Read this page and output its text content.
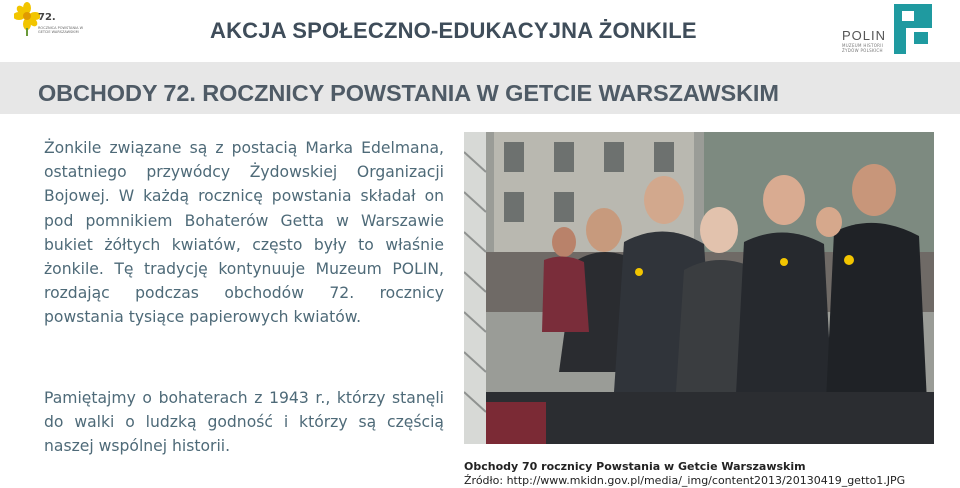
72.
ROCZNICA POWSTANIA W GETCIE WARSZAWSKIM	AKCJA SPOŁECZNO-EDUKACYJNA ŻONKILE	POLIN
MUZEUM HISTORII ŻYDÓW POLSKICH
OBCHODY 72. ROCZNICY POWSTANIA W GETCIE WARSZAWSKIM

Żonkile związane są z postacią Marka Edelmana, ostatniego przywódcy Żydowskiej Organizacji Bojowej. W każdą rocznicę powstania składał on pod pomnikiem Bohaterów Getta w Warszawie bukiet żółtych kwiatów, często były to właśnie żonkile. Tę tradycję kontynuuje Muzeum POLIN, rozdając podczas obchodów 72. rocznicy powstania tysiące papierowych kwiatów.

Pamiętajmy o bohaterach z 1943 r., którzy stanęli do walki o ludzką godność i którzy są częścią naszej wspólnej historii.

Obchody 70 rocznicy Powstania w Getcie Warszawskim
Źródło: http://www.mkidn.gov.pl/media/_img/content2013/20130419_getto1.JPG
